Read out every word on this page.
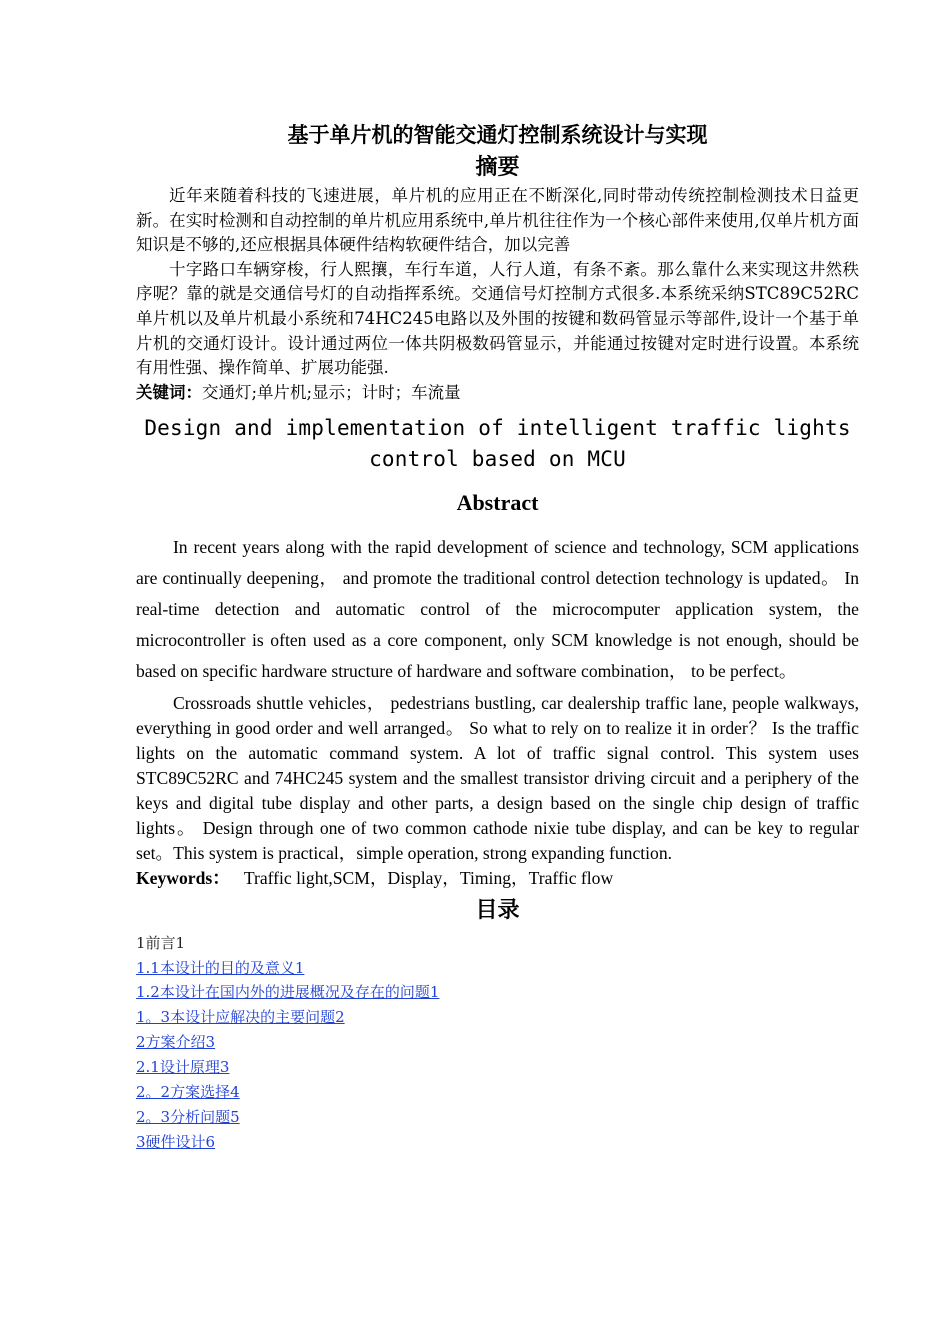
基于单片机的智能交通灯控制系统设计与实现
摘要

近年来随着科技的飞速进展，单片机的应用正在不断深化,同时带动传统控制检测技术日益更新。在实时检测和自动控制的单片机应用系统中,单片机往往作为一个核心部件来使用,仅单片机方面知识是不够的,还应根据具体硬件结构软硬件结合，加以完善

十字路口车辆穿梭，行人熙攘，车行车道，人行人道，有条不紊。那么靠什么来实现这井然秩序呢？靠的就是交通信号灯的自动指挥系统。交通信号灯控制方式很多.本系统采纳STC89C52RC单片机以及单片机最小系统和74HC245电路以及外围的按键和数码管显示等部件,设计一个基于单片机的交通灯设计。设计通过两位一体共阴极数码管显示，并能通过按键对定时进行设置。本系统有用性强、操作简单、扩展功能强.

关键词：交通灯;单片机;显示；计时；车流量

Design and implementation of intelligent traffic lights
control based on MCU
Abstract

In recent years along with the rapid development of science and technology, SCM applications are continually deepening， and promote the traditional control detection technology is updated。 In real-time detection and automatic control of the microcomputer application system, the microcontroller is often used as a core component, only SCM knowledge is not enough, should be based on specific hardware structure of hardware and software combination， to be perfect。

Crossroads shuttle vehicles， pedestrians bustling, car dealership traffic lane, people walkways, everything in good order and well arranged。 So what to rely on to realize it in order？ Is the traffic lights on the automatic command system. A lot of traffic signal control. This system uses STC89C52RC and 74HC245 system and the smallest transistor driving circuit and a periphery of the keys and digital tube display and other parts, a design based on the single chip design of traffic lights。 Design through one of two common cathode nixie tube display, and can be key to regular set。This system is practical，simple operation, strong expanding function.

Keywords： Traffic light,SCM，Display，Timing，Traffic flow

目录
1前言1
1.1本设计的目的及意义1
1.2本设计在国内外的进展概况及存在的问题1
1。3本设计应解决的主要问题2
2方案介绍3
2.1设计原理3
2。2方案选择4
2。3分析问题5
3硬件设计6
